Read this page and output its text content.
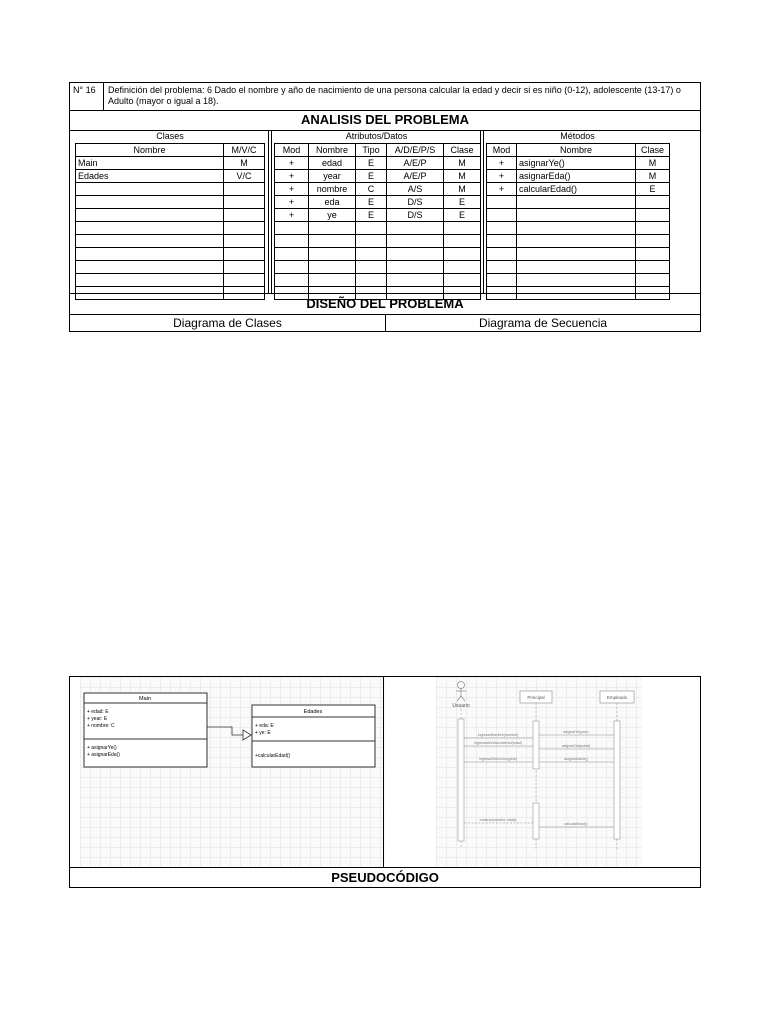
N° 16	Definición del problema: 6 Dado el nombre y año de nacimiento de una persona calcular la edad y decir si es niño (0-12), adolescente (13-17) o Adulto (mayor o igual a 18).
ANALISIS DEL PROBLEMA
Clases
Nombre	M/V/C
Main	M
Edades	V/C

Atributos/Datos
Mod	Nombre	Tipo	A/D/E/P/S	Clase
+	edad	E	A/E/P	M
+	year	E	A/E/P	M
+	nombre	C	A/S	M
+	eda	E	D/S	E
+	ye	E	D/S	E

Métodos
Mod	Nombre	Clase
+	asignarYe()	M
+	asignarEda()	M
+	calcularEdad()	E

DISEÑO DEL PROBLEMA
Diagrama de Clases	Diagrama de Secuencia
Main
+ edad: E
+ year: E
+ nombre: C
+ asignarYe()
+ asignarEda()
Edades
+ eda: E
+ ye: E
+calcularEdad()
Usuario
Principal	Empleado
ingresarNombre(nombre)
ingresarAñoNacimiento(edad)
ingresarSeleccion(year)
asignarYe(year)
asignarEda(edad)
asignarName()
mostrar(nombre, edad)
calcularEdad()
PSEUDOCÓDIGO
